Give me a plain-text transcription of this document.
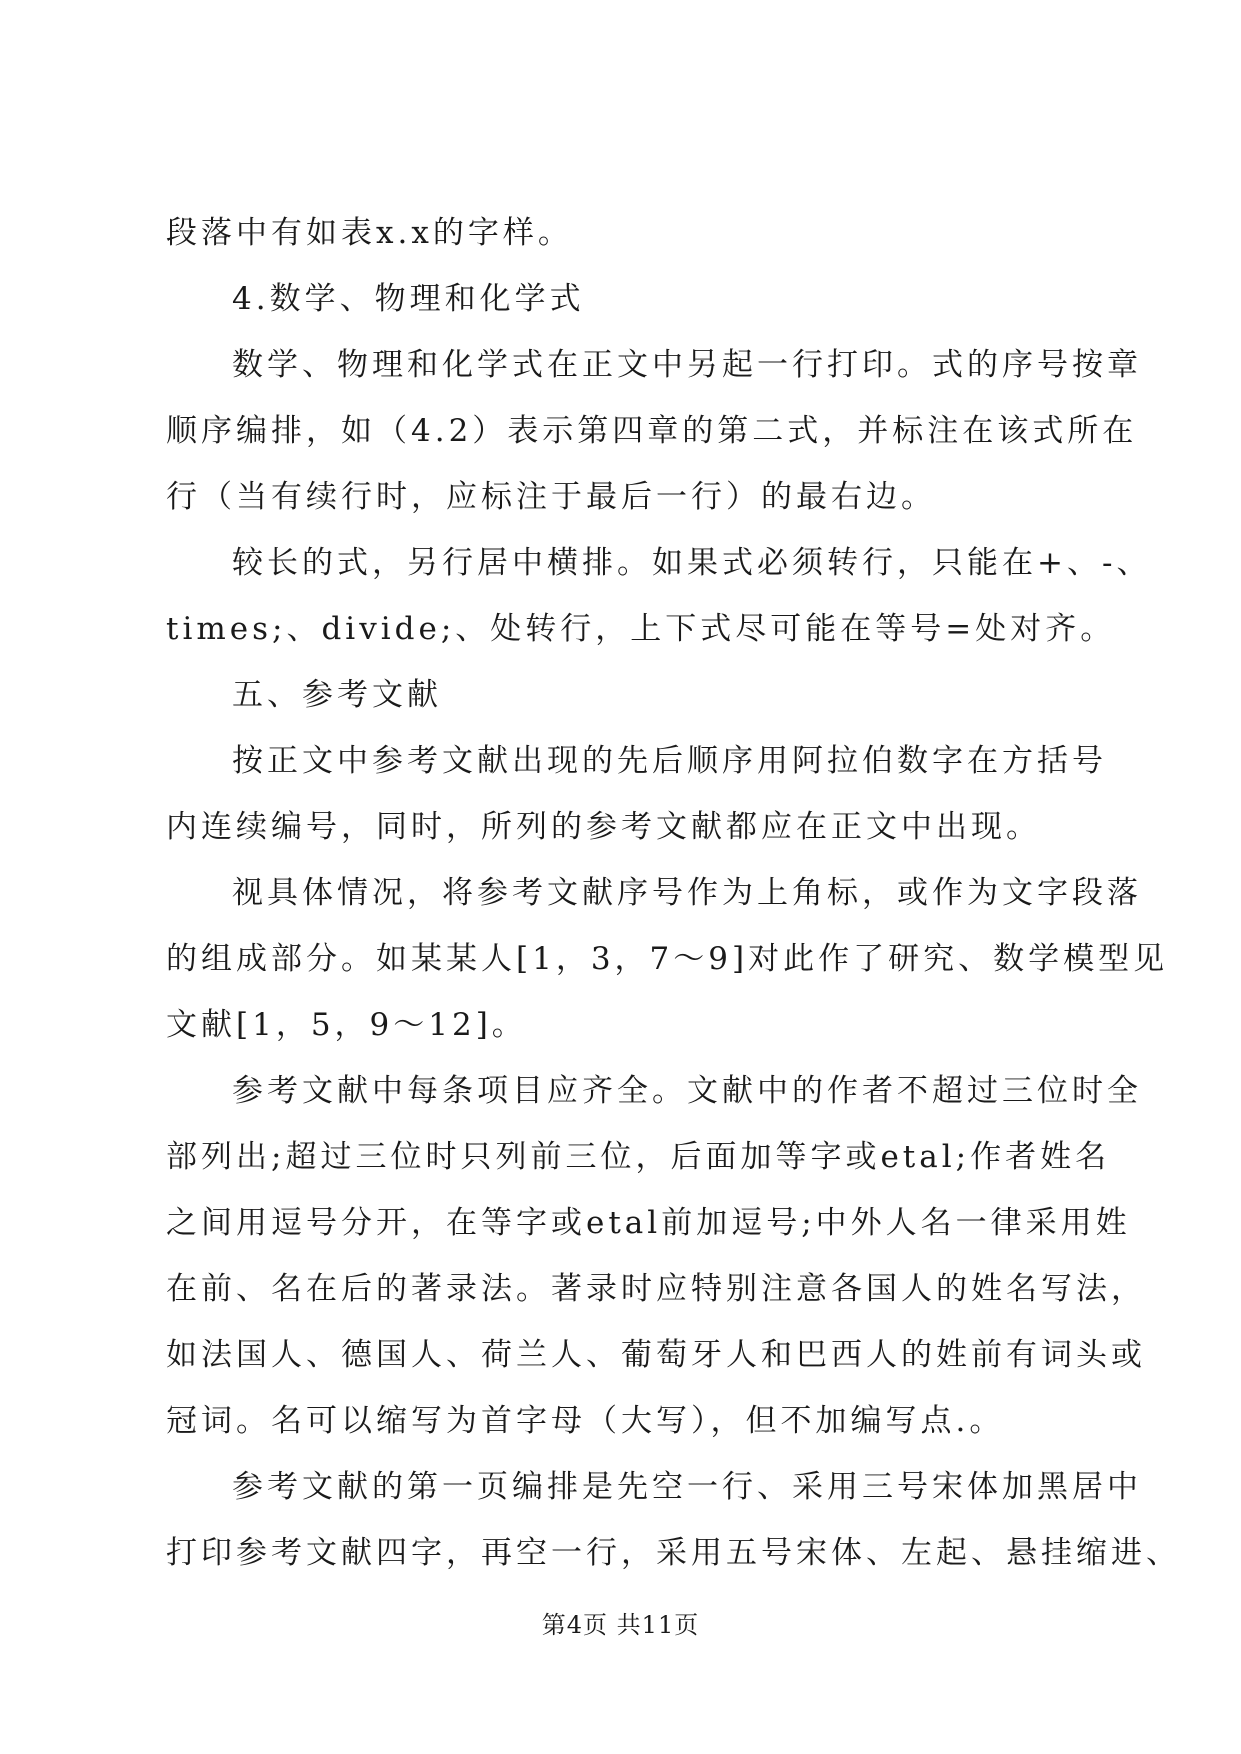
段落中有如表x.x的字样。
4.数学、物理和化学式
数学、物理和化学式在正文中另起一行打印。式的序号按章
顺序编排，如（4.2）表示第四章的第二式，并标注在该式所在
行（当有续行时，应标注于最后一行）的最右边。
较长的式，另行居中横排。如果式必须转行，只能在+、-、
times;、divide;、处转行，上下式尽可能在等号=处对齐。
五、参考文献
按正文中参考文献出现的先后顺序用阿拉伯数字在方括号
内连续编号，同时，所列的参考文献都应在正文中出现。
视具体情况，将参考文献序号作为上角标，或作为文字段落
的组成部分。如某某人[1，3，7～9]对此作了研究、数学模型见
文献[1，5，9～12]。
参考文献中每条项目应齐全。文献中的作者不超过三位时全
部列出;超过三位时只列前三位，后面加等字或etal;作者姓名
之间用逗号分开，在等字或etal前加逗号;中外人名一律采用姓
在前、名在后的著录法。著录时应特别注意各国人的姓名写法，
如法国人、德国人、荷兰人、葡萄牙人和巴西人的姓前有词头或
冠词。名可以缩写为首字母（大写），但不加编写点.。
参考文献的第一页编排是先空一行、采用三号宋体加黑居中
打印参考文献四字，再空一行，采用五号宋体、左起、悬挂缩进、
第4页 共11页
